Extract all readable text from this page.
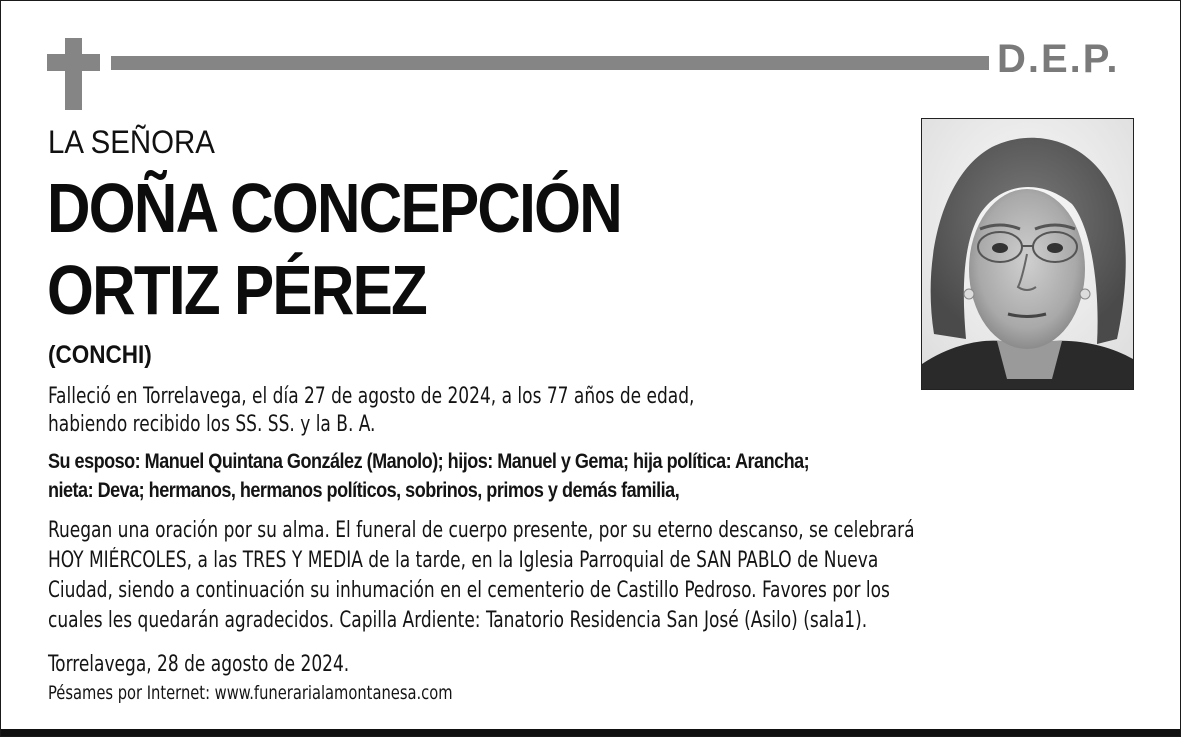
D.E.P.
LA SEÑORA
DOÑA CONCEPCIÓN
ORTIZ PÉREZ
(CONCHI)
Falleció en Torrelavega, el día 27 de agosto de 2024, a los 77 años de edad,
habiendo recibido los SS. SS. y la B. A.
Su esposo: Manuel Quintana González (Manolo); hijos: Manuel y Gema; hija política: Arancha;
nieta: Deva; hermanos, hermanos políticos, sobrinos, primos y demás familia,
Ruegan una oración por su alma. El funeral de cuerpo presente, por su eterno descanso, se celebrará
HOY MIÉRCOLES, a las TRES Y MEDIA de la tarde, en la Iglesia Parroquial de SAN PABLO de Nueva
Ciudad, siendo a continuación su inhumación en el cementerio de Castillo Pedroso. Favores por los
cuales les quedarán agradecidos. Capilla Ardiente: Tanatorio Residencia San José (Asilo) (sala1).
Torrelavega, 28 de agosto de 2024.
Pésames por Internet: www.funerarialamontanesa.com
